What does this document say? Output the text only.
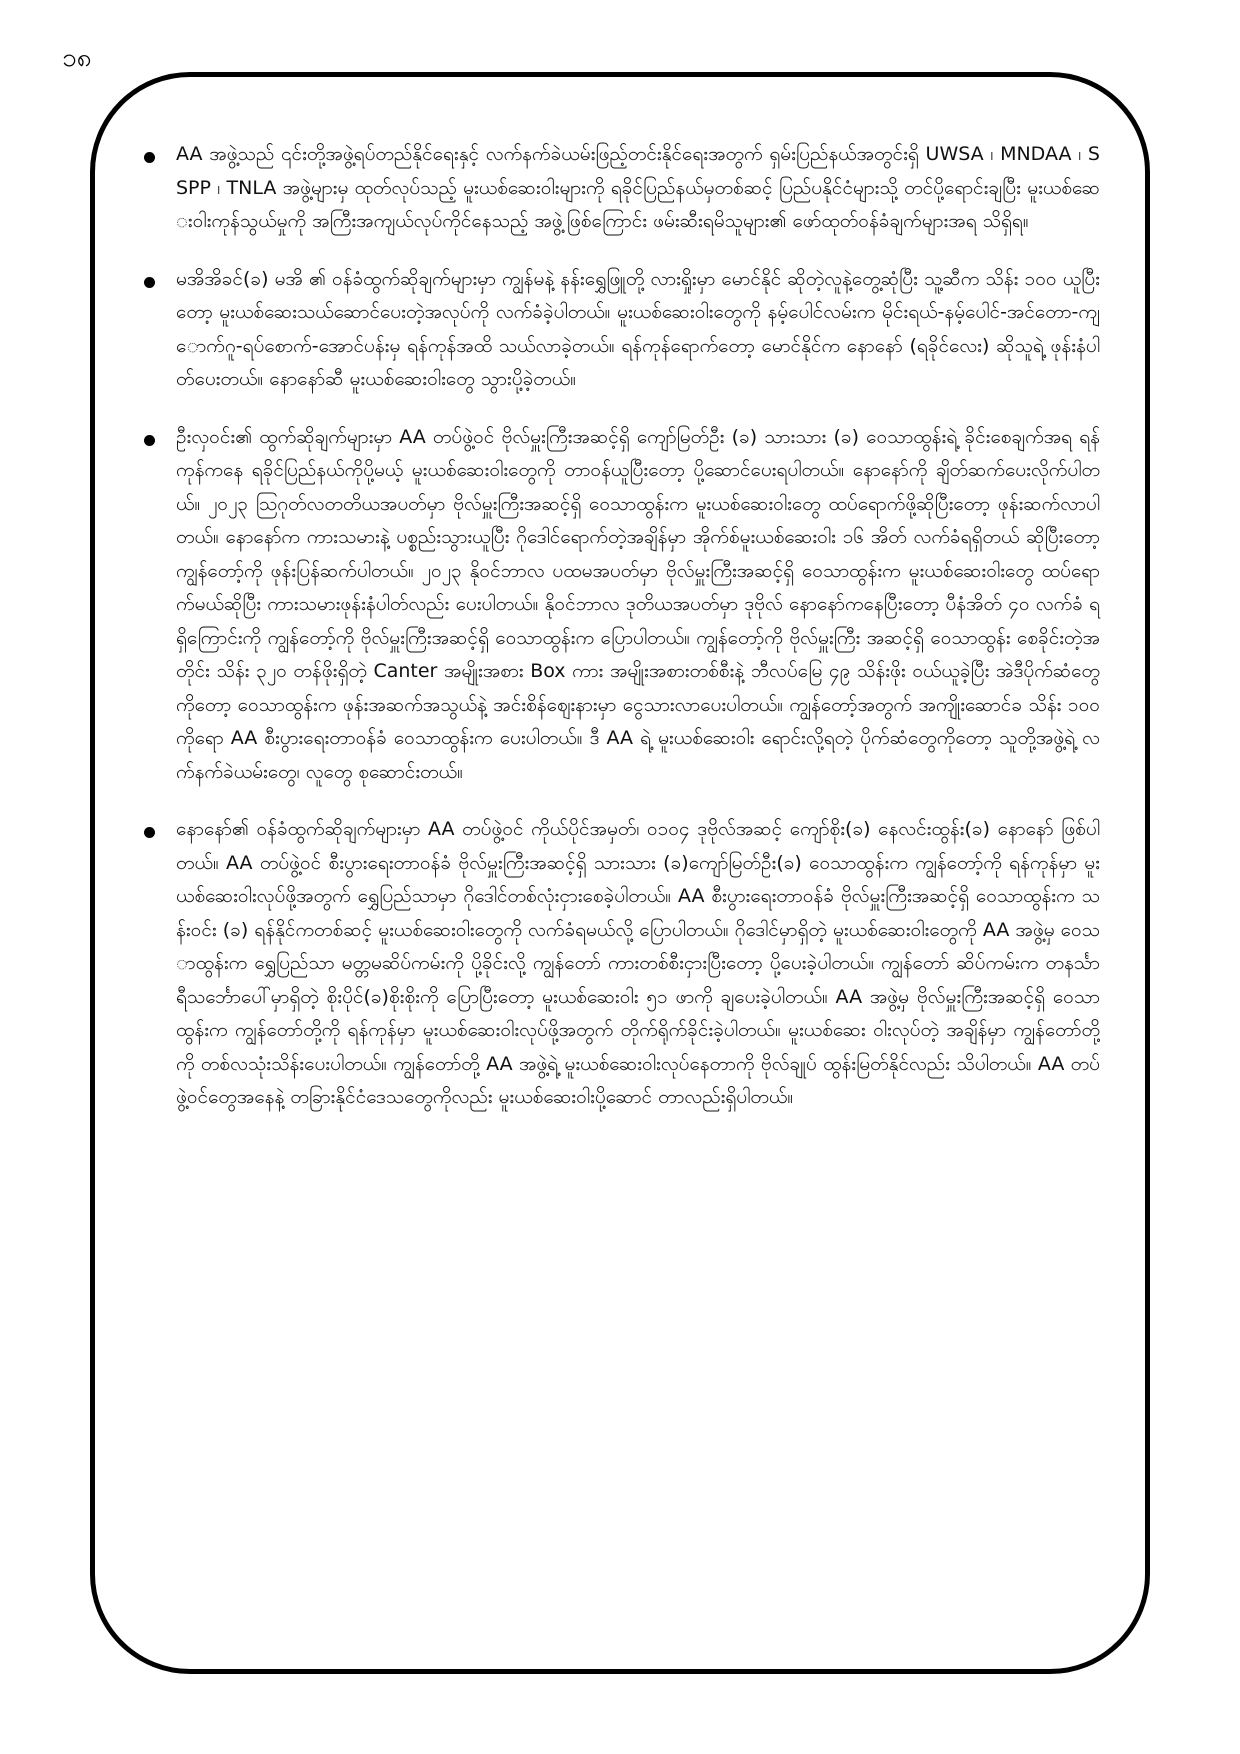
၁၈
AA အဖွဲ့သည် ၎င်းတို့အဖွဲ့ရပ်တည်နိုင်ရေးနှင့် လက်နက်ခဲယမ်းဖြည့်တင်းနိုင်ရေးအတွက် ရှမ်းပြည်နယ်အတွင်းရှိ UWSA ၊ MNDAA ၊ SSPP ၊ TNLA အဖွဲ့များမှ ထုတ်လုပ်သည့် မူးယစ်ဆေးဝါးများကို ရခိုင်ပြည်နယ်မှတစ်ဆင့် ပြည်ပနိုင်ငံများသို့ တင်ပို့ရောင်းချပြီး မူးယစ်ဆေးဝါးကုန်သွယ်မှုကို အကြီးအကျယ်လုပ်ကိုင်နေသည့် အဖွဲ့ဖြစ်ကြောင်း ဖမ်းဆီးရမိသူများ၏ ဖော်ထုတ်ဝန်ခံချက်များအရ သိရှိရ။
မအိအိခင်(ခ) မအိ ၏ ဝန်ခံထွက်ဆိုချက်များမှာ ကျွန်မနဲ့ နန်းရွှေဖြူတို့ လားရှိုးမှာ မောင်နိုင် ဆိုတဲ့လူနဲ့တွေ့ဆုံပြီး သူ့ဆီက သိန်း ၁၀၀ ယူပြီးတော့ မူးယစ်ဆေးသယ်ဆောင်ပေးတဲ့အလုပ်ကို လက်ခံခဲ့ပါတယ်။ မူးယစ်ဆေးဝါးတွေကို နမ့်ပေါင်လမ်းက မိုင်းရယ်-နမ့်ပေါင်-အင်တော-ကျောက်ဂူ-ရပ်စောက်-အောင်ပန်းမှ ရန်ကုန်အထိ သယ်လာခဲ့တယ်။ ရန်ကုန်ရောက်တော့ မောင်နိုင်က နောနော် (ရခိုင်လေး) ဆိုသူရဲ့ ဖုန်းနံပါတ်ပေးတယ်။ နောနော်ဆီ မူးယစ်ဆေးဝါးတွေ သွားပို့ခဲ့တယ်။
ဦးလှဝင်း၏ ထွက်ဆိုချက်များမှာ AA တပ်ဖွဲ့ဝင် ဗိုလ်မှူးကြီးအဆင့်ရှိ ကျော်မြတ်ဦး (ခ) သားသား (ခ) ဝေသာထွန်းရဲ့ ခိုင်းစေချက်အရ ရန်ကုန်ကနေ ရခိုင်ပြည်နယ်ကိုပို့မယ့် မူးယစ်ဆေးဝါးတွေကို တာဝန်ယူပြီးတော့ ပို့ဆောင်ပေးရပါတယ်။ နောနော်ကို ချိတ်ဆက်ပေးလိုက်ပါတယ်။ ၂၀၂၃ ဩဂုတ်လတတိယအပတ်မှာ ဗိုလ်မှူးကြီးအဆင့်ရှိ ဝေသာထွန်းက မူးယစ်ဆေးဝါးတွေ ထပ်ရောက်ဖို့ဆိုပြီးတော့ ဖုန်းဆက်လာပါတယ်။ နောနော်က ကားသမားနဲ့ ပစ္စည်းသွားယူပြီး ဂိုဒေါင်ရောက်တဲ့အချိန်မှာ အိုက်စ်မူးယစ်ဆေးဝါး ၁၆ အိတ် လက်ခံရရှိတယ် ဆိုပြီးတော့ ကျွန်တော့်ကို ဖုန်းပြန်ဆက်ပါတယ်။ ၂၀၂၃ နိုဝင်ဘာလ ပထမအပတ်မှာ ဗိုလ်မှူးကြီးအဆင့်ရှိ ဝေသာထွန်းက မူးယစ်ဆေးဝါးတွေ ထပ်ရောက်မယ်ဆိုပြီး ကားသမားဖုန်းနံပါတ်လည်း ပေးပါတယ်။ နိုဝင်ဘာလ ဒုတိယအပတ်မှာ ဒုဗိုလ် နောနော်ကနေပြီးတော့ ပီနံအိတ် ၄၀ လက်ခံ ရရှိကြောင်းကို ကျွန်တော့်ကို ဗိုလ်မှူးကြီးအဆင့်ရှိ ဝေသာထွန်းက ပြောပါတယ်။ ကျွန်တော့်ကို ဗိုလ်မှူးကြီး အဆင့်ရှိ ဝေသာထွန်း စေခိုင်းတဲ့အတိုင်း သိန်း ၃၂၀ တန်ဖိုးရှိတဲ့ Canter အမျိုးအစား Box ကား အမျိုးအစားတစ်စီးနဲ့ ဘီလပ်မြေ ၄၉ သိန်းဖိုး ဝယ်ယူခဲ့ပြီး အဲဒီပိုက်ဆံတွေကိုတော့ ဝေသာထွန်းက ဖုန်းအဆက်အသွယ်နဲ့ အင်းစိန်ဈေးနားမှာ ငွေသားလာပေးပါတယ်။ ကျွန်တော့်အတွက် အကျိုးဆောင်ခ သိန်း ၁၀၀ ကိုရော AA စီးပွားရေးတာဝန်ခံ ဝေသာထွန်းက ပေးပါတယ်။ ဒီ AA ရဲ့ မူးယစ်ဆေးဝါး ရောင်းလို့ရတဲ့ ပိုက်ဆံတွေကိုတော့ သူတို့အဖွဲ့ရဲ့ လက်နက်ခဲယမ်းတွေ၊ လူတွေ စုဆောင်းတယ်။
နောနော်၏ ဝန်ခံထွက်ဆိုချက်များမှာ AA တပ်ဖွဲ့ဝင် ကိုယ်ပိုင်အမှတ်၊ ၀၁၀၄ ဒုဗိုလ်အဆင့် ကျော်စိုး(ခ) နေလင်းထွန်း(ခ) နောနော် ဖြစ်ပါတယ်။ AA တပ်ဖွဲ့ဝင် စီးပွားရေးတာဝန်ခံ ဗိုလ်မှူးကြီးအဆင့်ရှိ သားသား (ခ)ကျော်မြတ်ဦး(ခ) ဝေသာထွန်းက ကျွန်တော့်ကို ရန်ကုန်မှာ မူးယစ်ဆေးဝါးလုပ်ဖို့အတွက် ရွှေပြည်သာမှာ ဂိုဒေါင်တစ်လုံးငှားစေခဲ့ပါတယ်။ AA စီးပွားရေးတာဝန်ခံ ဗိုလ်မှူးကြီးအဆင့်ရှိ ဝေသာထွန်းက သန်းဝင်း (ခ) ရန်နိုင်ကတစ်ဆင့် မူးယစ်ဆေးဝါးတွေကို လက်ခံရမယ်လို့ ပြောပါတယ်။ ဂိုဒေါင်မှာရှိတဲ့ မူးယစ်ဆေးဝါးတွေကို AA အဖွဲ့မှ ဝေသာထွန်းက ရွှေပြည်သာ မတ္တမဆိပ်ကမ်းကို ပို့ခိုင်းလို့ ကျွန်တော် ကားတစ်စီးငှားပြီးတော့ ပို့ပေးခဲ့ပါတယ်။ ကျွန်တော် ဆိပ်ကမ်းက တနင်္သာရီသင်္ဘောပေါ်မှာရှိတဲ့ စိုးပိုင်(ခ)စိုးစိုးကို ပြောပြီးတော့ မူးယစ်ဆေးဝါး ၅၁ ဖာကို ချပေးခဲ့ပါတယ်။ AA အဖွဲ့မှ ဗိုလ်မှူးကြီးအဆင့်ရှိ ဝေသာထွန်းက ကျွန်တော်တို့ကို ရန်ကုန်မှာ မူးယစ်ဆေးဝါးလုပ်ဖို့အတွက် တိုက်ရိုက်ခိုင်းခဲ့ပါတယ်။ မူးယစ်ဆေး ဝါးလုပ်တဲ့ အချိန်မှာ ကျွန်တော်တို့ကို တစ်လသုံးသိန်းပေးပါတယ်။ ကျွန်တော်တို့ AA အဖွဲ့ရဲ့ မူးယစ်ဆေးဝါးလုပ်နေတာကို ဗိုလ်ချုပ် ထွန်းမြတ်နိုင်လည်း သိပါတယ်။ AA တပ်ဖွဲ့ဝင်တွေအနေနဲ့ တခြားနိုင်ငံဒေသတွေကိုလည်း မူးယစ်ဆေးဝါးပို့ဆောင် တာလည်းရှိပါတယ်။
